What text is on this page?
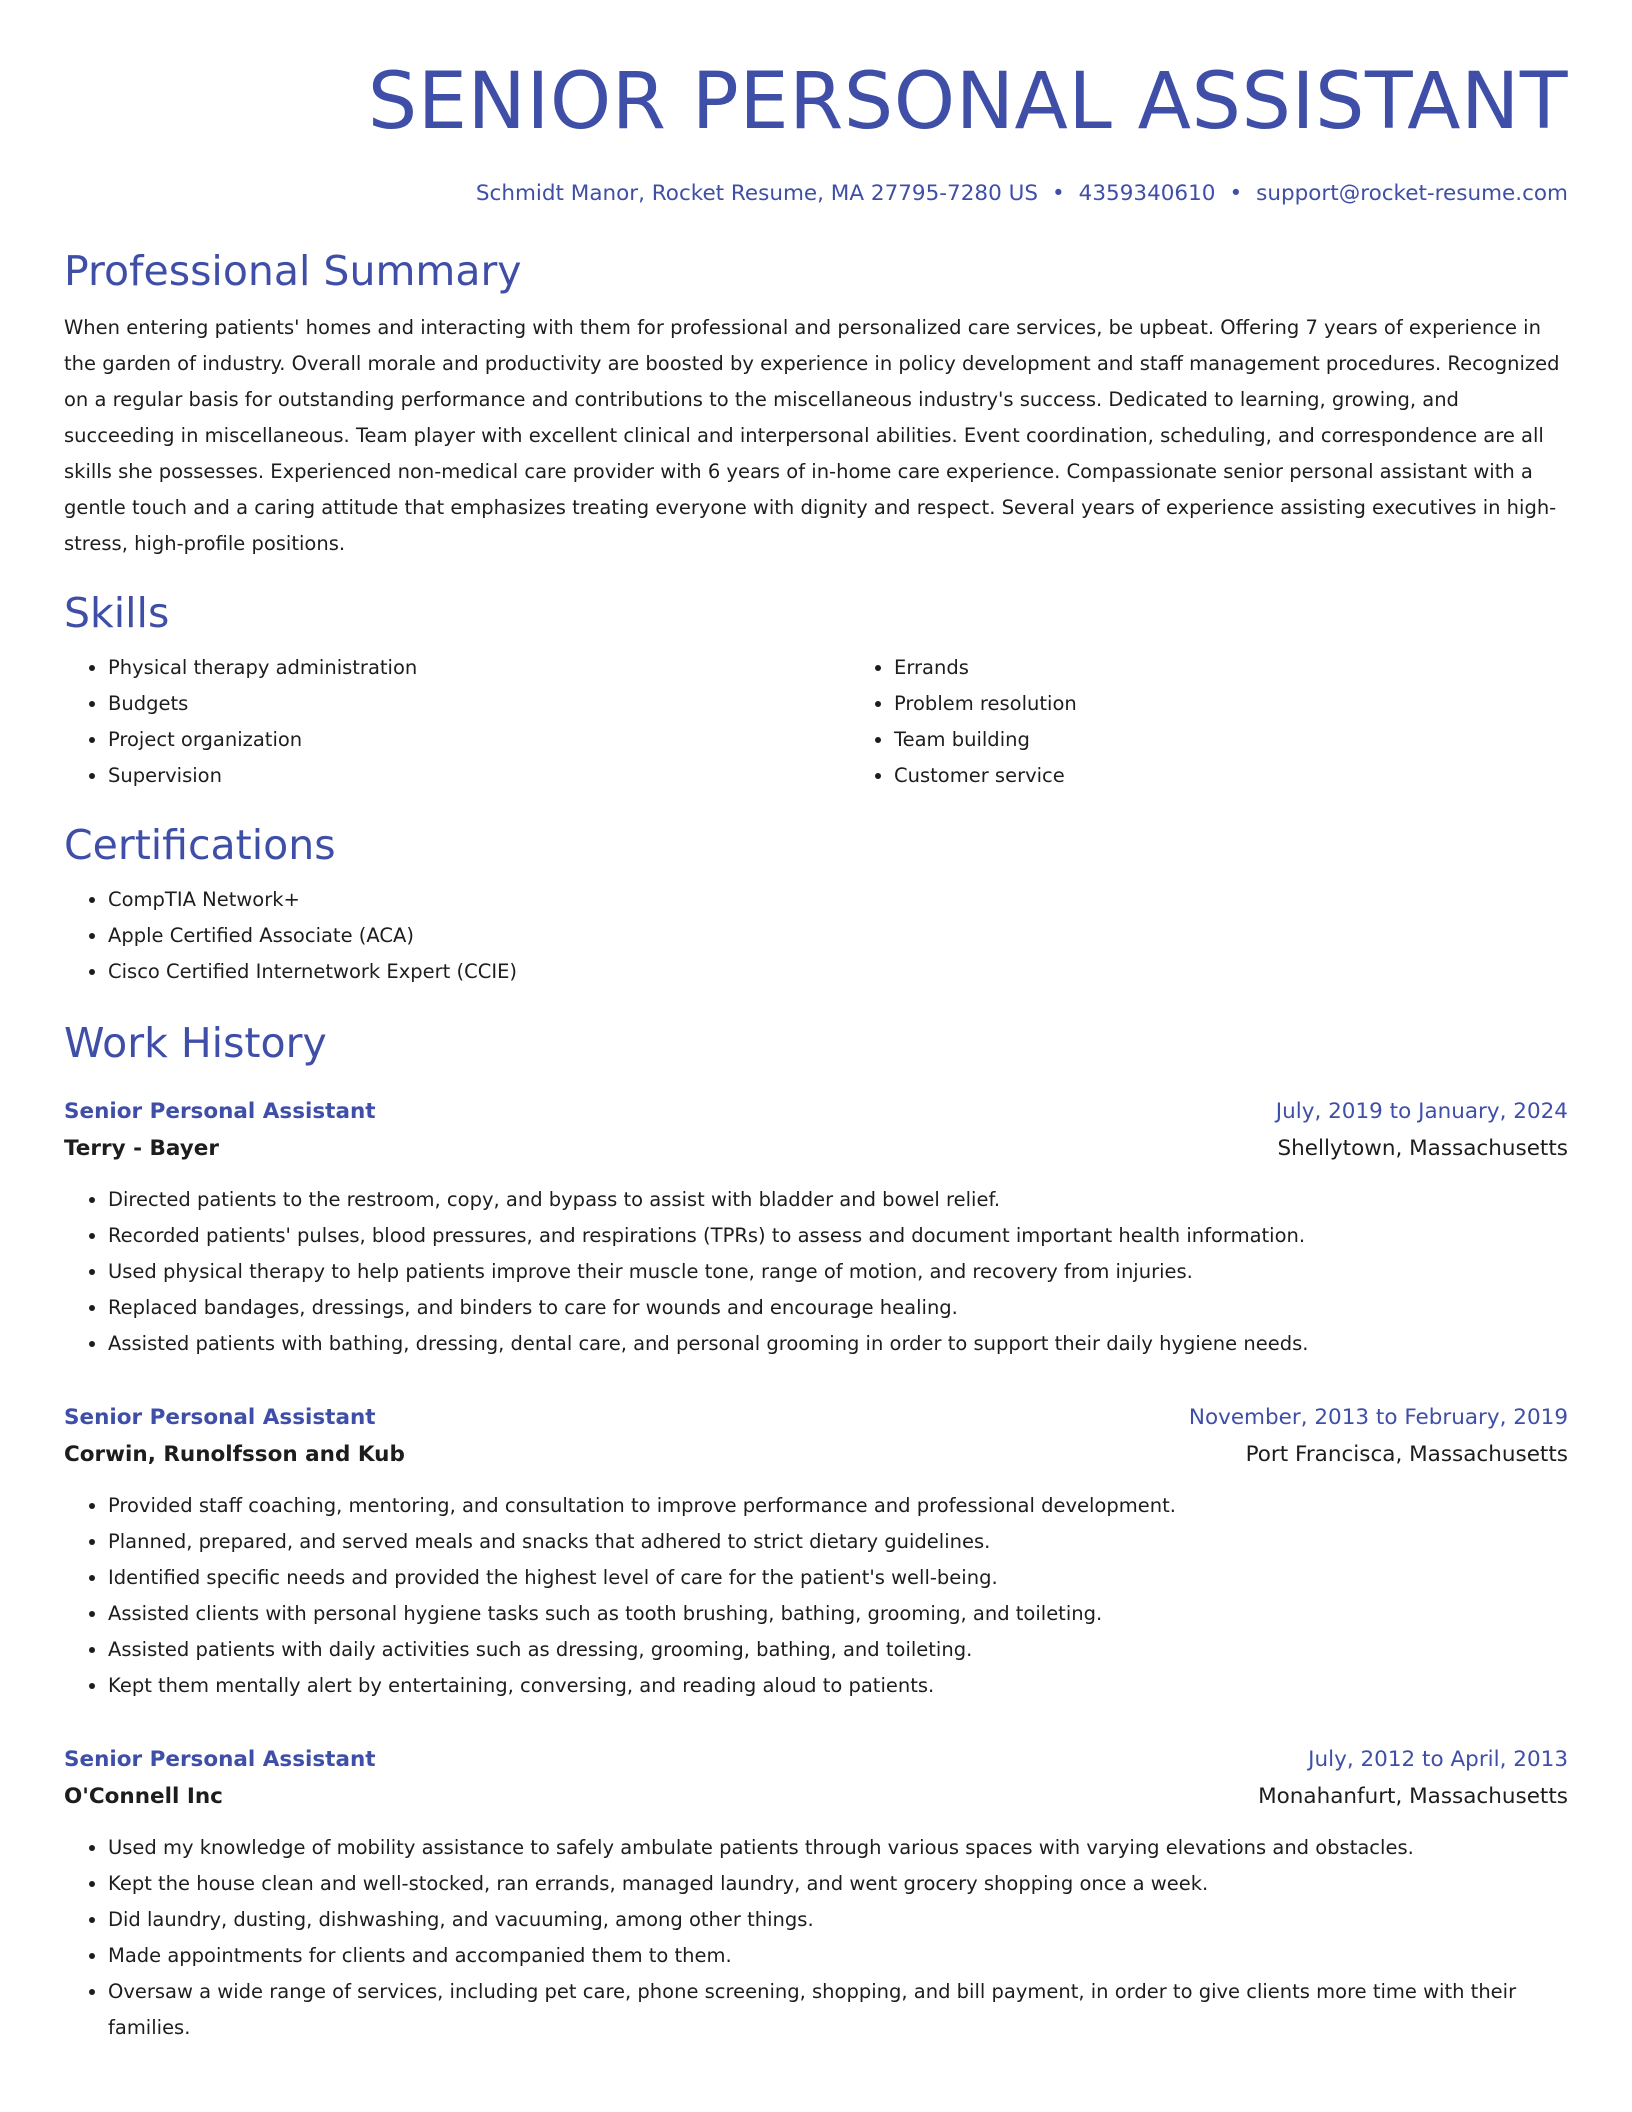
SENIOR PERSONAL ASSISTANT
Schmidt Manor, Rocket Resume, MA 27795-7280 US • 4359340610 • support@rocket-resume.com
Professional Summary

When entering patients' homes and interacting with them for professional and personalized care services, be upbeat. Offering 7 years of experience in the garden of industry. Overall morale and productivity are boosted by experience in policy development and staff management procedures. Recognized on a regular basis for outstanding performance and contributions to the miscellaneous industry's success. Dedicated to learning, growing, and succeeding in miscellaneous. Team player with excellent clinical and interpersonal abilities. Event coordination, scheduling, and correspondence are all skills she possesses. Experienced non-medical care provider with 6 years of in-home care experience. Compassionate senior personal assistant with a gentle touch and a caring attitude that emphasizes treating everyone with dignity and respect. Several years of experience assisting executives in high-stress, high-profile positions.

Skills
• Physical therapy administration
• Budgets
• Project organization
• Supervision
• Errands
• Problem resolution
• Team building
• Customer service
Certifications
• CompTIA Network+
• Apple Certified Associate (ACA)
• Cisco Certified Internetwork Expert (CCIE)
Work History
Senior Personal Assistant	July, 2019 to January, 2024
Terry - Bayer	Shellytown, Massachusetts
• Directed patients to the restroom, copy, and bypass to assist with bladder and bowel relief.
• Recorded patients' pulses, blood pressures, and respirations (TPRs) to assess and document important health information.
• Used physical therapy to help patients improve their muscle tone, range of motion, and recovery from injuries.
• Replaced bandages, dressings, and binders to care for wounds and encourage healing.
• Assisted patients with bathing, dressing, dental care, and personal grooming in order to support their daily hygiene needs.
Senior Personal Assistant	November, 2013 to February, 2019
Corwin, Runolfsson and Kub	Port Francisca, Massachusetts
• Provided staff coaching, mentoring, and consultation to improve performance and professional development.
• Planned, prepared, and served meals and snacks that adhered to strict dietary guidelines.
• Identified specific needs and provided the highest level of care for the patient's well-being.
• Assisted clients with personal hygiene tasks such as tooth brushing, bathing, grooming, and toileting.
• Assisted patients with daily activities such as dressing, grooming, bathing, and toileting.
• Kept them mentally alert by entertaining, conversing, and reading aloud to patients.
Senior Personal Assistant	July, 2012 to April, 2013
O'Connell Inc	Monahanfurt, Massachusetts
• Used my knowledge of mobility assistance to safely ambulate patients through various spaces with varying elevations and obstacles.
• Kept the house clean and well-stocked, ran errands, managed laundry, and went grocery shopping once a week.
• Did laundry, dusting, dishwashing, and vacuuming, among other things.
• Made appointments for clients and accompanied them to them.
• Oversaw a wide range of services, including pet care, phone screening, shopping, and bill payment, in order to give clients more time with their families.
